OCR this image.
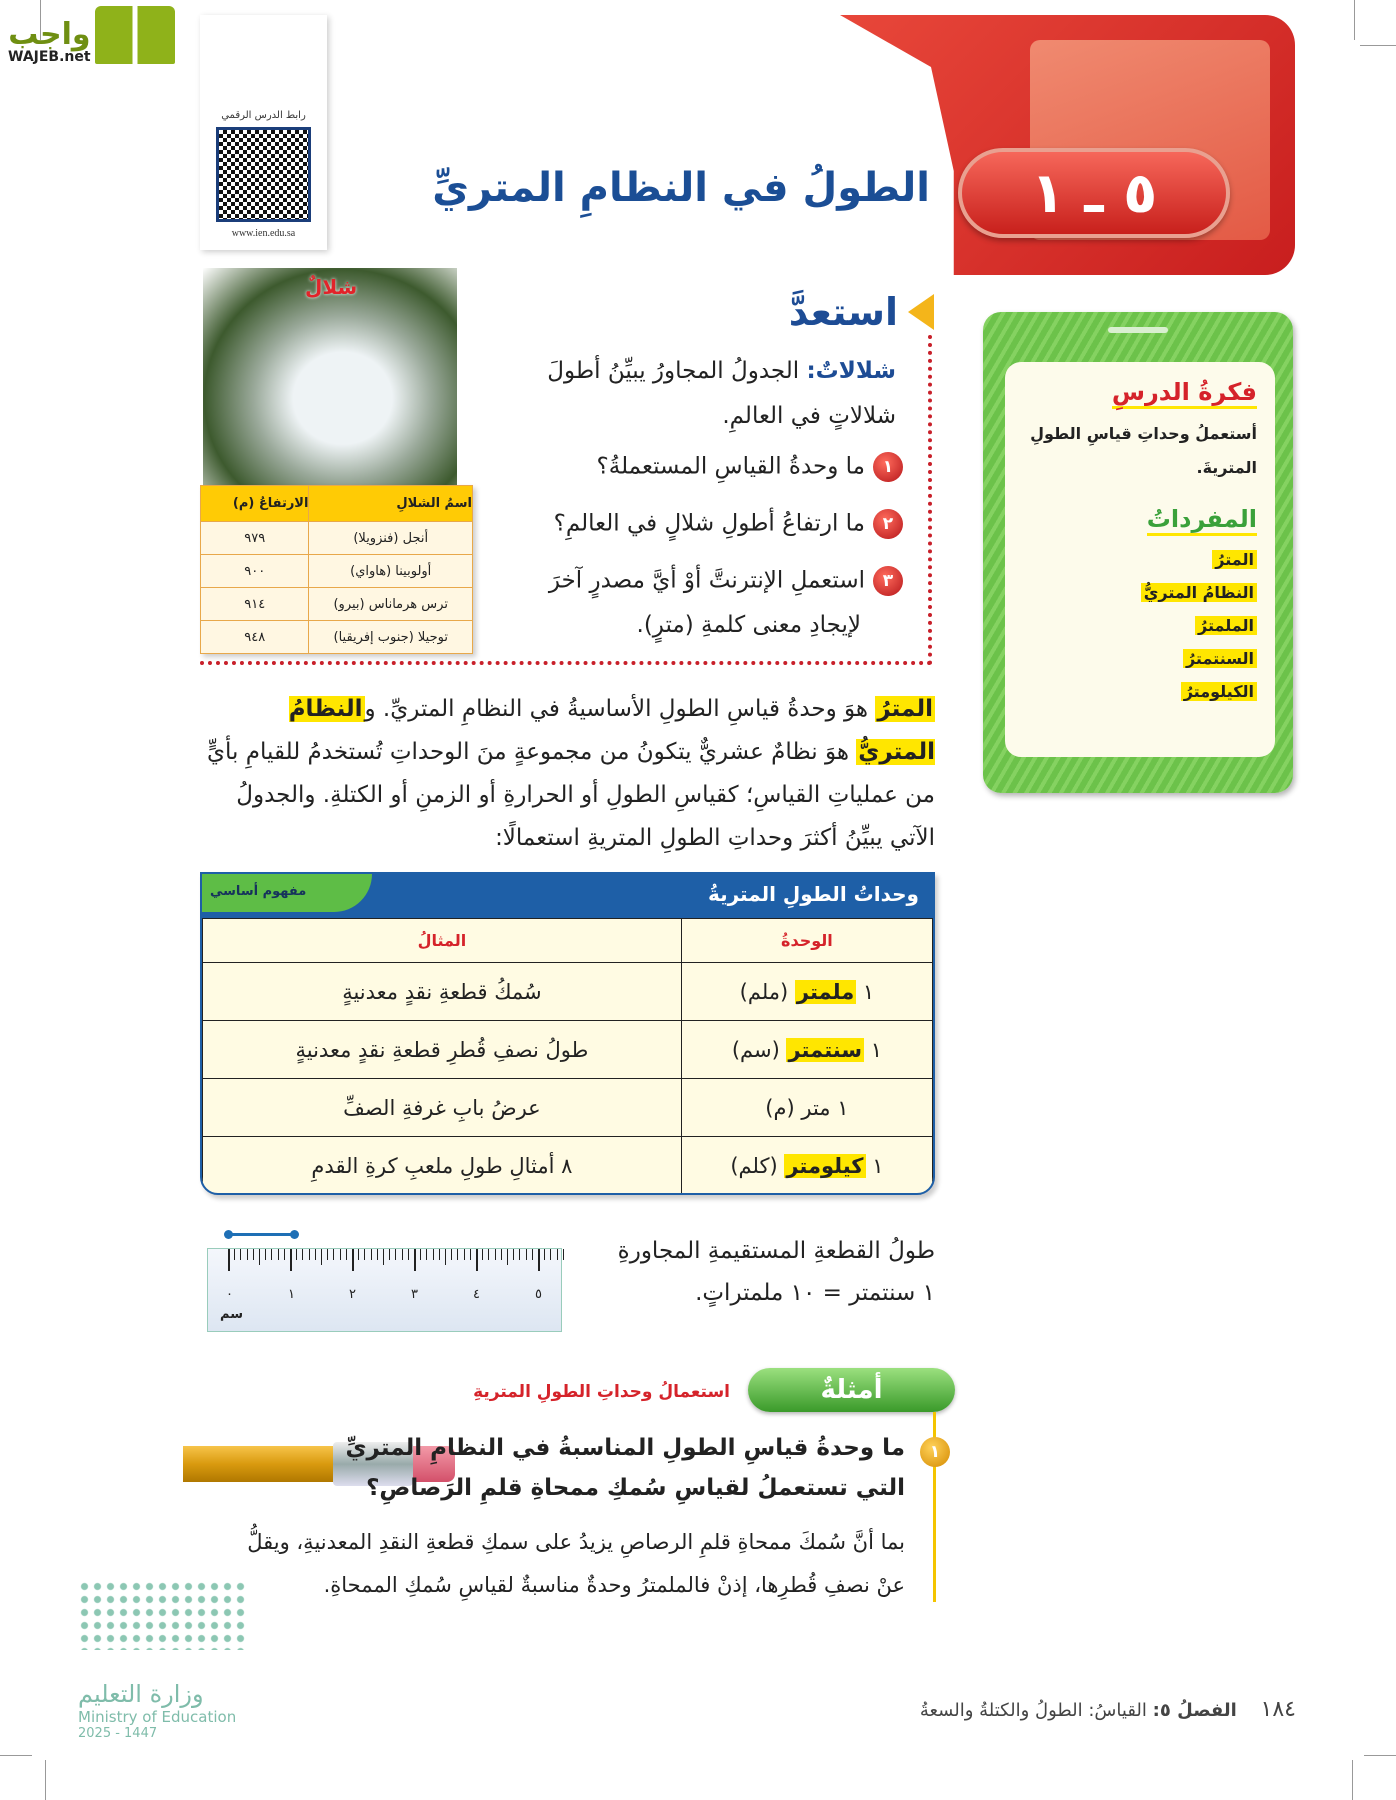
واجب
WAJEB.net
رابط الدرس الرقمي
www.ien.edu.sa
٥ ـ ١
الطولُ في النظامِ المتريِّ
شلالٌ
اسمُ الشلالِ	الارتفاعُ (م)
أنجل (فنزويلا)	٩٧٩
أولوبينا (هاواي)	٩٠٠
ترس هرماناس (بيرو)	٩١٤
توجيلا (جنوب إفريقيا)	٩٤٨
استعدَّ
شلالاتٌ: الجدولُ المجاورُ يبيِّنُ أطولَ
شلالاتٍ في العالمِ.
١ما وحدةُ القياسِ المستعملةُ؟
٢ما ارتفاعُ أطولِ شلالٍ في العالمِ؟
٣استعملِ الإنترنتَّ أوْ أيَّ مصدرٍ آخرَ
لإيجادِ معنى كلمةِ (مترٍ).
فكرةُ الدرسِ
أستعملُ وحداتِ قياسِ الطولِ المتريةَ.
المفرداتُ
المترُ
النظامُ المتريُّ
الملمترُ
السنتمترُ
الكيلومترُ
المترُ هوَ وحدةُ قياسِ الطولِ الأساسيةُ في النظامِ المتريِّ. والنظامُ المتريُّ هوَ نظامٌ عشريٌّ يتكونُ من مجموعةٍ منَ الوحداتِ تُستخدمُ للقيامِ بأيٍّ من عملياتِ القياسِ؛ كقياسِ الطولِ أو الحرارةِ أو الزمنِ أو الكتلةِ. والجدولُ الآتي يبيِّنُ أكثرَ وحداتِ الطولِ المتريةِ استعمالًا:
مفهوم أساسي	وحداتُ الطولِ المتريةُ
الوحدةُ	المثالُ
١ ملمتر (ملم)	سُمكُ قطعةِ نقدٍ معدنيةٍ
١ سنتمتر (سم)	طولُ نصفِ قُطرِ قطعةِ نقدٍ معدنيةٍ
١ متر (م)	عرضُ بابِ غرفةِ الصفِّ
١ كيلومتر (كلم)	٨ أمثالِ طولِ ملعبِ كرةِ القدمِ
٠	١	٢	٣	٤	٥
سم
طولُ القطعةِ المستقيمةِ المجاورةِ
١ سنتمتر = ١٠ ملمتراتٍ.
أمثلةٌ
استعمالُ وحداتِ الطولِ المتريةِ
ما وحدةُ قياسِ الطولِ المناسبةُ في النظامِ المتريِّ	١
التي تستعملُ لقياسِ سُمكِ ممحاةِ قلمِ الرَصاصِ؟
بما أنَّ سُمكَ ممحاةِ قلمِ الرصاصِ يزيدُ على سمكِ قطعةِ النقدِ المعدنيةِ، ويقلُّ
عنْ نصفِ قُطرِها، إذنْ فالملمترُ وحدةٌ مناسبةٌ لقياسِ سُمكِ الممحاةِ.
وزارة التعليم
Ministry of Education
2025 - 1447
١٨٤ الفصلُ ٥: القياسُ: الطولُ والكتلةُ والسعةُ
